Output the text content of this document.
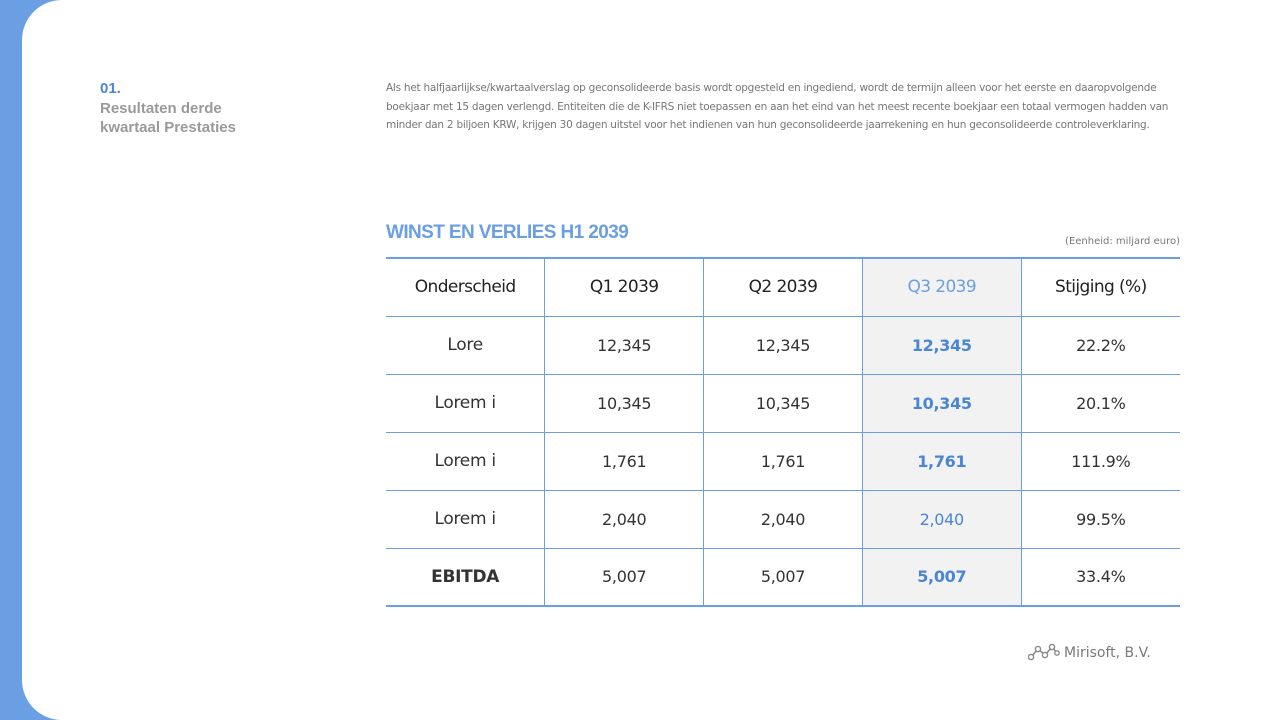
01.
Resultaten derde kwartaal Prestaties

Als het halfjaarlijkse/kwartaalverslag op geconsolideerde basis wordt opgesteld en ingediend, wordt de termijn alleen voor het eerste en daaropvolgende boekjaar met 15 dagen verlengd. Entiteiten die de K-IFRS niet toepassen en aan het eind van het meest recente boekjaar een totaal vermogen hadden van minder dan 2 biljoen KRW, krijgen 30 dagen uitstel voor het indienen van hun geconsolideerde jaarrekening en hun geconsolideerde controleverklaring.

WINST EN VERLIES H1 2039	(Eenheid: miljard euro)
Onderscheid	Q1 2039	Q2 2039	Q3 2039	Stijging (%)
Lore	12,345	12,345	12,345	22.2%
Lorem i	10,345	10,345	10,345	20.1%
Lorem i	1,761	1,761	1,761	111.9%
Lorem i	2,040	2,040	2,040	99.5%
EBITDA	5,007	5,007	5,007	33.4%
Mirisoft, B.V.
